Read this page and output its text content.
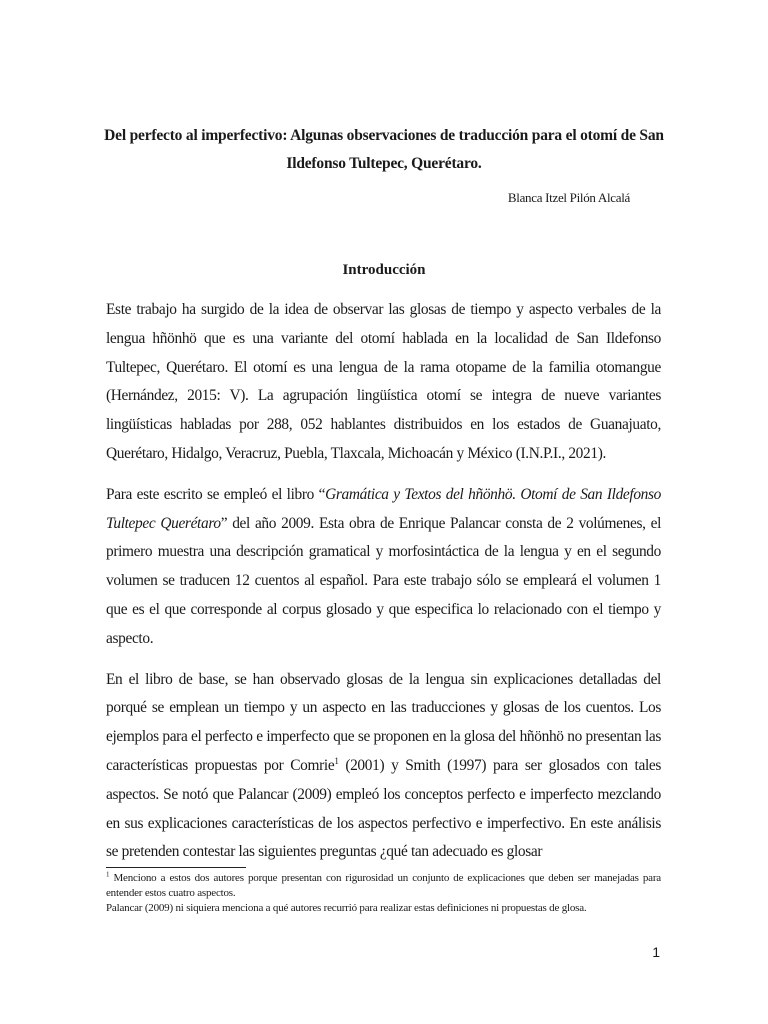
Del perfecto al imperfectivo: Algunas observaciones de traducción para el otomí de San Ildefonso Tultepec, Querétaro.
Blanca Itzel Pilón Alcalá
Introducción

Este trabajo ha surgido de la idea de observar las glosas de tiempo y aspecto verbales de la lengua hñönhö que es una variante del otomí hablada en la localidad de San Ildefonso Tultepec, Querétaro. El otomí es una lengua de la rama otopame de la familia otomangue (Hernández, 2015: V). La agrupación lingüística otomí se integra de nueve variantes lingüísticas habladas por 288, 052 hablantes distribuidos en los estados de Guanajuato, Querétaro, Hidalgo, Veracruz, Puebla, Tlaxcala, Michoacán y México (I.N.P.I., 2021).

Para este escrito se empleó el libro “Gramática y Textos del hñönhö. Otomí de San Ildefonso Tultepec Querétaro” del año 2009. Esta obra de Enrique Palancar consta de 2 volúmenes, el primero muestra una descripción gramatical y morfosintáctica de la lengua y en el segundo volumen se traducen 12 cuentos al español. Para este trabajo sólo se empleará el volumen 1 que es el que corresponde al corpus glosado y que especifica lo relacionado con el tiempo y aspecto.

En el libro de base, se han observado glosas de la lengua sin explicaciones detalladas del porqué se emplean un tiempo y un aspecto en las traducciones y glosas de los cuentos. Los ejemplos para el perfecto e imperfecto que se proponen en la glosa del hñönhö no presentan las características propuestas por Comrie$^1$ (2001) y Smith (1997) para ser glosados con tales aspectos. Se notó que Palancar (2009) empleó los conceptos perfecto e imperfecto mezclando en sus explicaciones características de los aspectos perfectivo e imperfectivo. En este análisis se pretenden contestar las siguientes preguntas ¿qué tan adecuado es glosar

$^1$ Menciono a estos dos autores porque presentan con rigurosidad un conjunto de explicaciones que deben ser manejadas para entender estos cuatro aspectos.

Palancar (2009) ni siquiera menciona a qué autores recurrió para realizar estas definiciones ni propuestas de glosa.

1
